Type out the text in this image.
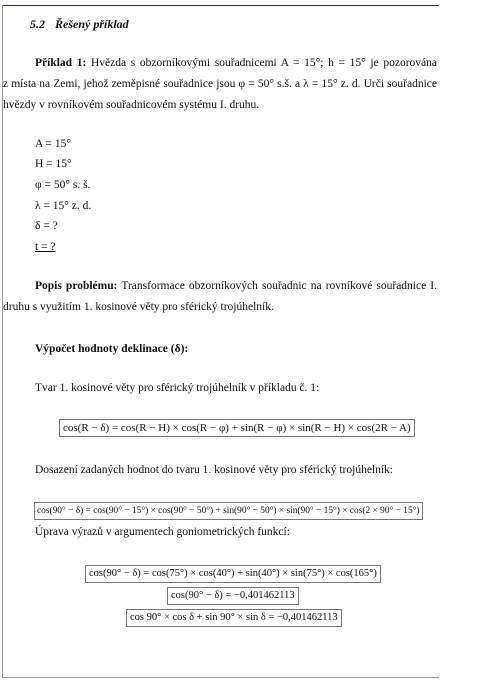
5.2 Řešený příklad
Příklad 1: Hvězda s obzorníkovými souřadnicemi A = 15°; h = 15° je pozorována
z místa na Zemi, jehož zeměpisné souřadnice jsou φ = 50° s.š. a λ = 15° z. d. Urči souřadnice
hvězdy v rovníkovém souřadnicovém systému I. druhu.
A = 15°
H = 15°
φ = 50° s. š.
λ = 15° z. d.
δ = ?
t = ?
Popis problému: Transformace obzorníkových souřadnic na rovníkové souřadnice I.
druhu s využitím 1. kosinové věty pro sférický trojúhelník.
Výpočet hodnoty deklinace (δ):
Tvar 1. kosinové věty pro sférický trojúhelník v příkladu č. 1:
cos(R − δ) = cos(R − H) × cos(R − φ) + sin(R − φ) × sin(R − H) × cos(2R − A)
Dosazení zadaných hodnot do tvaru 1. kosinové věty pro sférický trojúhelník:
cos(90° − δ) = cos(90° − 15°) × cos(90° − 50°) + sin(90° − 50°) × sin(90° − 15°) × cos(2 × 90° − 15°)
Úprava výrazů v argumentech goniometrických funkcí:
cos(90° − δ) = cos(75°) × cos(40°) + sin(40°) × sin(75°) × cos(165°)
cos(90° − δ) = −0,401462113
cos 90° × cos δ + sin 90° × sin δ = −0,401462113
